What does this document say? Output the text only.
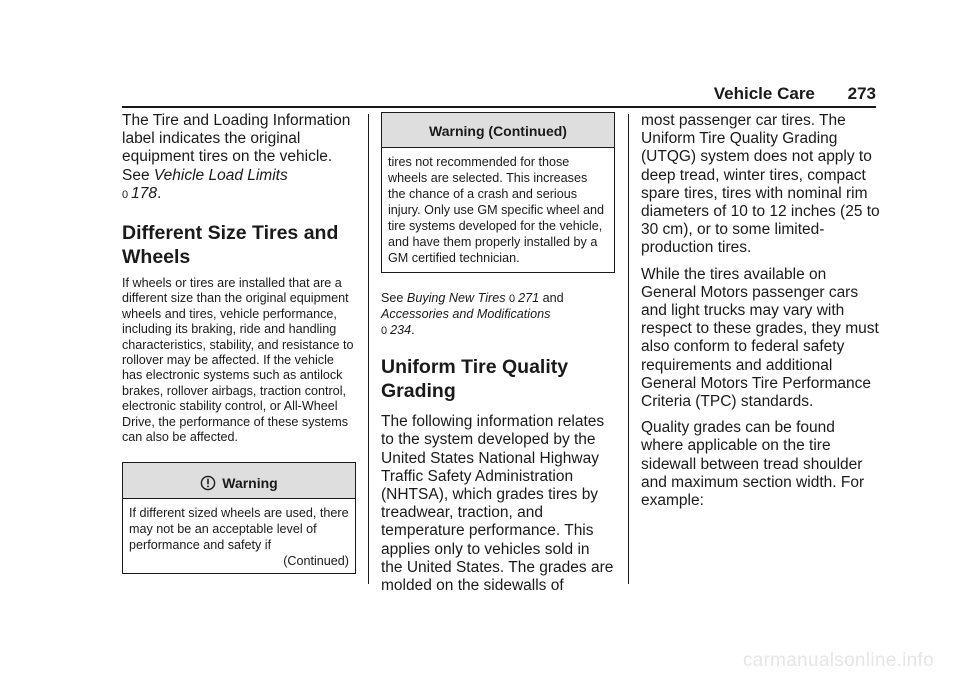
Vehicle Care 273

The Tire and Loading Information label indicates the original equipment tires on the vehicle. See Vehicle Load Limits
0 178.

Different Size Tires and Wheels

If wheels or tires are installed that are a different size than the original equipment wheels and tires, vehicle performance, including its braking, ride and handling characteristics, stability, and resistance to rollover may be affected. If the vehicle has electronic systems such as antilock brakes, rollover airbags, traction control, electronic stability control, or All-Wheel Drive, the performance of these systems can also be affected.

Warning
If different sized wheels are used, there may not be an acceptable level of performance and safety if
(Continued)
Warning (Continued)
tires not recommended for those wheels are selected. This increases the chance of a crash and serious injury. Only use GM specific wheel and tire systems developed for the vehicle, and have them properly installed by a GM certified technician.

See Buying New Tires 0 271 and
Accessories and Modifications
0 234.

Uniform Tire Quality Grading

The following information relates to the system developed by the United States National Highway Traffic Safety Administration (NHTSA), which grades tires by treadwear, traction, and temperature performance. This applies only to vehicles sold in the United States. The grades are molded on the sidewalls of

most passenger car tires. The Uniform Tire Quality Grading (UTQG) system does not apply to deep tread, winter tires, compact spare tires, tires with nominal rim diameters of 10 to 12 inches (25 to 30 cm), or to some limited-production tires.

While the tires available on General Motors passenger cars and light trucks may vary with respect to these grades, they must also conform to federal safety requirements and additional General Motors Tire Performance Criteria (TPC) standards.

Quality grades can be found where applicable on the tire sidewall between tread shoulder and maximum section width. For example:

carmanualsonline.info
